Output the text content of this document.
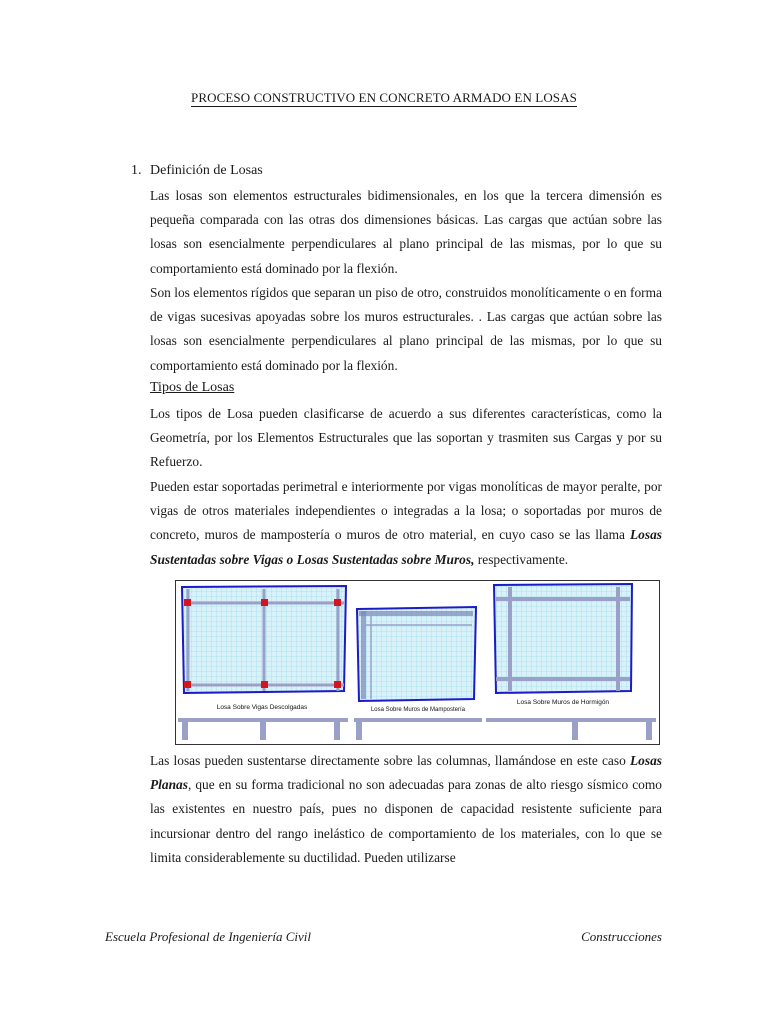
PROCESO CONSTRUCTIVO EN CONCRETO ARMADO EN LOSAS
1. Definición de Losas

Las losas son elementos estructurales bidimensionales, en los que la tercera dimensión es pequeña comparada con las otras dos dimensiones básicas. Las cargas que actúan sobre las losas son esencialmente perpendiculares al plano principal de las mismas, por lo que su comportamiento está dominado por la flexión.

Son los elementos rígidos que separan un piso de otro, construidos monolíticamente o en forma de vigas sucesivas apoyadas sobre los muros estructurales. . Las cargas que actúan sobre las losas son esencialmente perpendiculares al plano principal de las mismas, por lo que su comportamiento está dominado por la flexión.

Tipos de Losas

Los tipos de Losa pueden clasificarse de acuerdo a sus diferentes características, como la Geometría, por los Elementos Estructurales que las soportan y trasmiten sus Cargas y por su Refuerzo.

Pueden estar soportadas perimetral e interiormente por vigas monolíticas de mayor peralte, por vigas de otros materiales independientes o integradas a la losa; o soportadas por muros de concreto, muros de mampostería o muros de otro material, en cuyo caso se las llama Losas Sustentadas sobre Vigas o Losas Sustentadas sobre Muros, respectivamente.

Losa Sobre Vigas Descolgadas	Losa Sobre Muros de Mampostería
Losa Sobre Muros de Hormigón

Las losas pueden sustentarse directamente sobre las columnas, llamándose en este caso Losas Planas, que en su forma tradicional no son adecuadas para zonas de alto riesgo sísmico como las existentes en nuestro país, pues no disponen de capacidad resistente suficiente para incursionar dentro del rango inelástico de comportamiento de los materiales, con lo que se limita considerablemente su ductilidad. Pueden utilizarse

Escuela Profesional de Ingeniería Civil	Construcciones
